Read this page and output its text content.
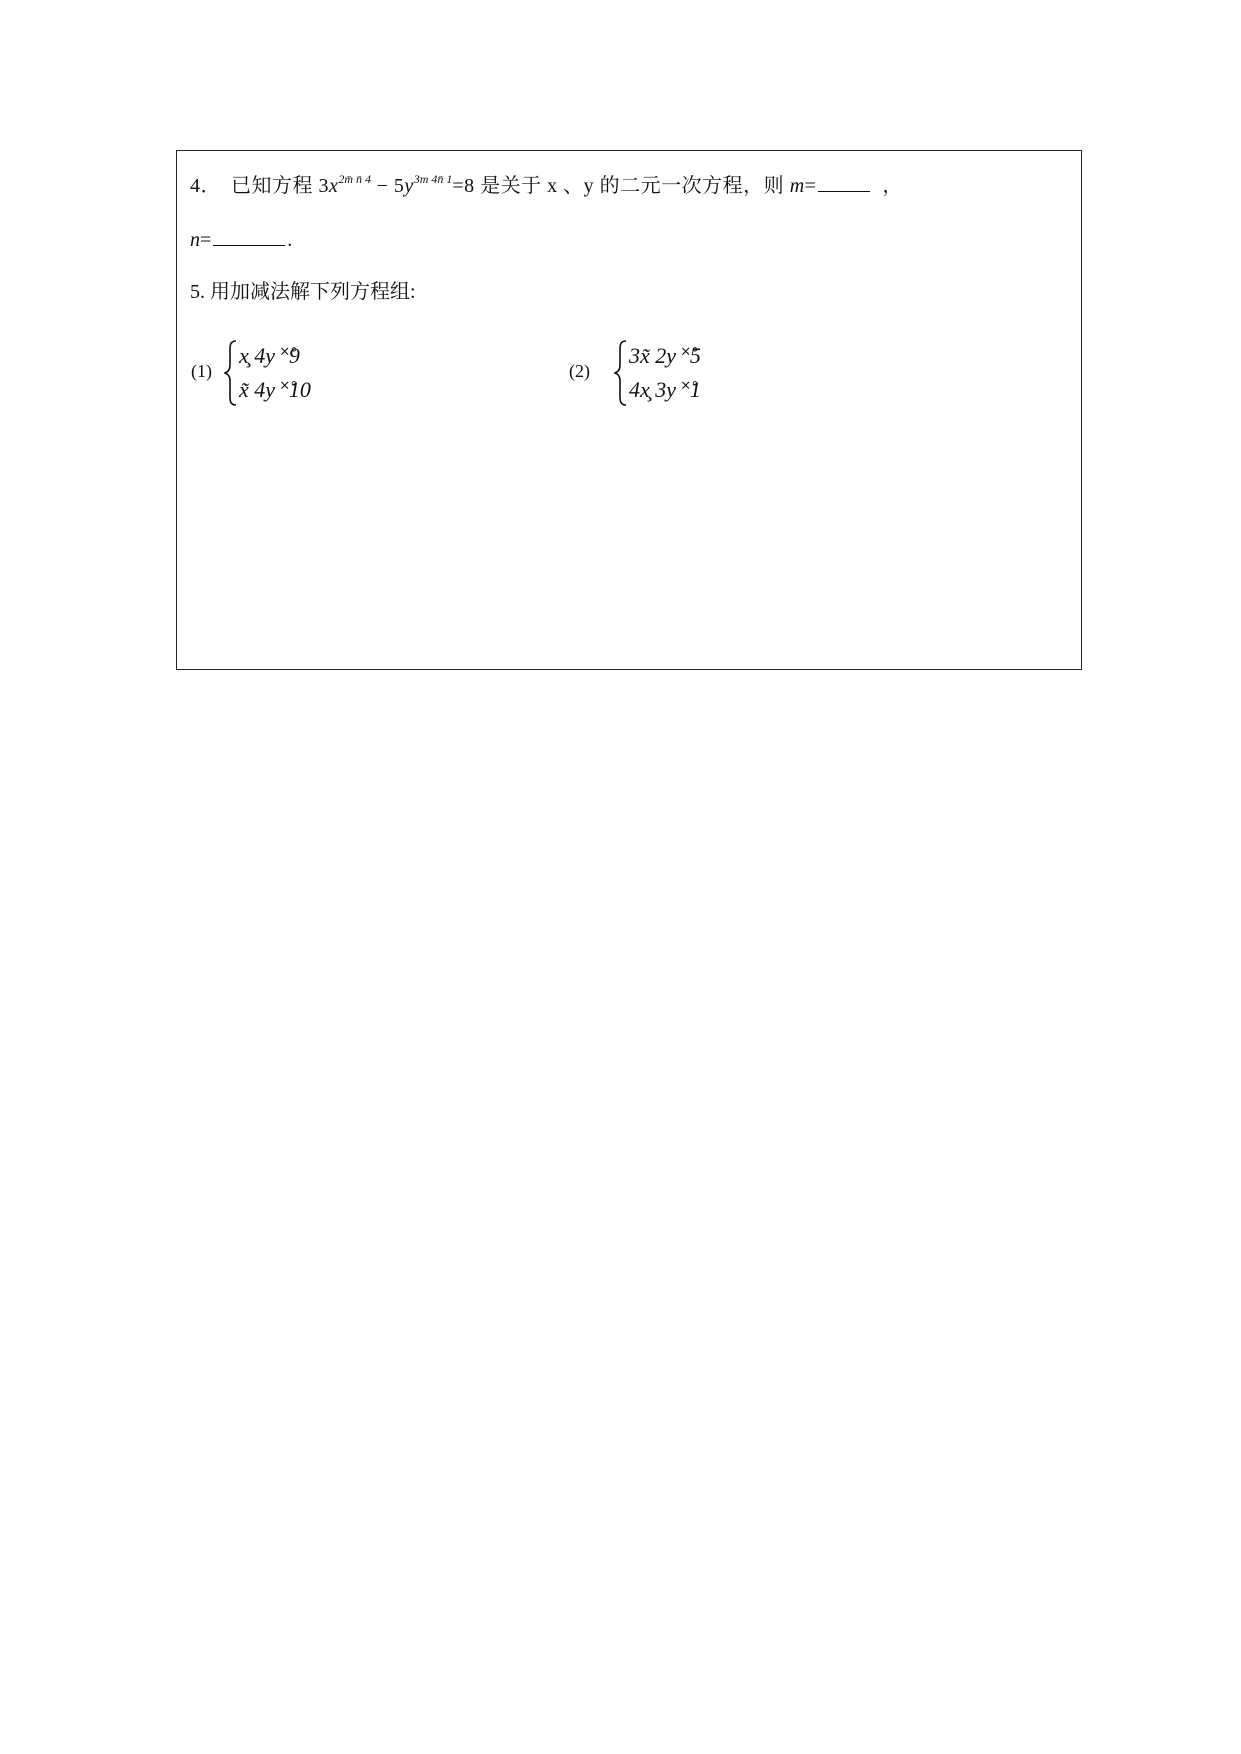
4． 已知方程 $3x^{2m̄ n̄ 4} - 5y^{3m 4n̄ 1}=8$ 是关于 x 、y 的二元一次方程，则 m=	，
n=	.
5. 用加减法解下列方程组:
(1)
x̧ 4y ˟̊9
x̃ 4y ˟̊10
(2)
3x̃ 2y ˟̊5
4x̧ 3y ˟̊1
